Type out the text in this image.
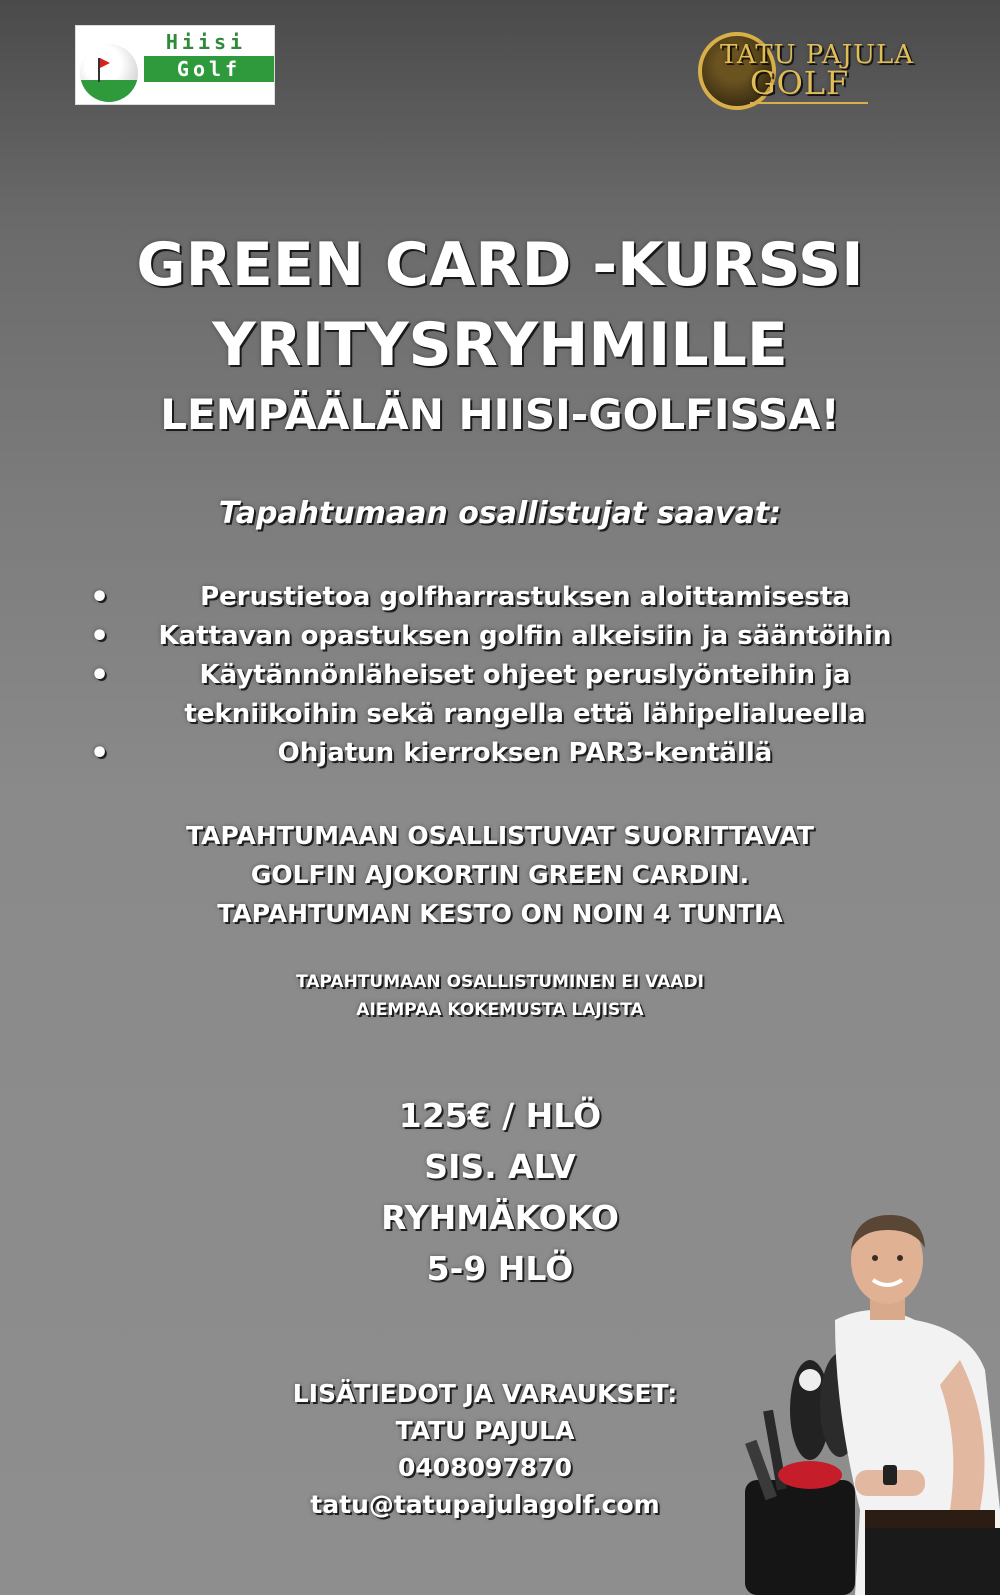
Hiisi
Golf	TATU PAJULA
GOLF
GREEN CARD -KURSSI
YRITYSRYHMILLE
LEMPÄÄLÄN HIISI-GOLFISSA!
Tapahtumaan osallistujat saavat:
• Perustietoa golfharrastuksen aloittamisesta
• Kattavan opastuksen golfin alkeisiin ja sääntöihin
• Käytännönläheiset ohjeet peruslyönteihin ja
tekniikoihin sekä rangella että lähipelialueella
• Ohjatun kierroksen PAR3-kentällä
TAPAHTUMAAN OSALLISTUVAT SUORITTAVAT
GOLFIN AJOKORTIN GREEN CARDIN.
TAPAHTUMAN KESTO ON NOIN 4 TUNTIA
TAPAHTUMAAN OSALLISTUMINEN EI VAADI
AIEMPAA KOKEMUSTA LAJISTA
125€ / HLÖ
SIS. ALV
RYHMÄKOKO
5-9 HLÖ
LISÄTIEDOT JA VARAUKSET:
TATU PAJULA
0408097870
tatu@tatupajulagolf.com
